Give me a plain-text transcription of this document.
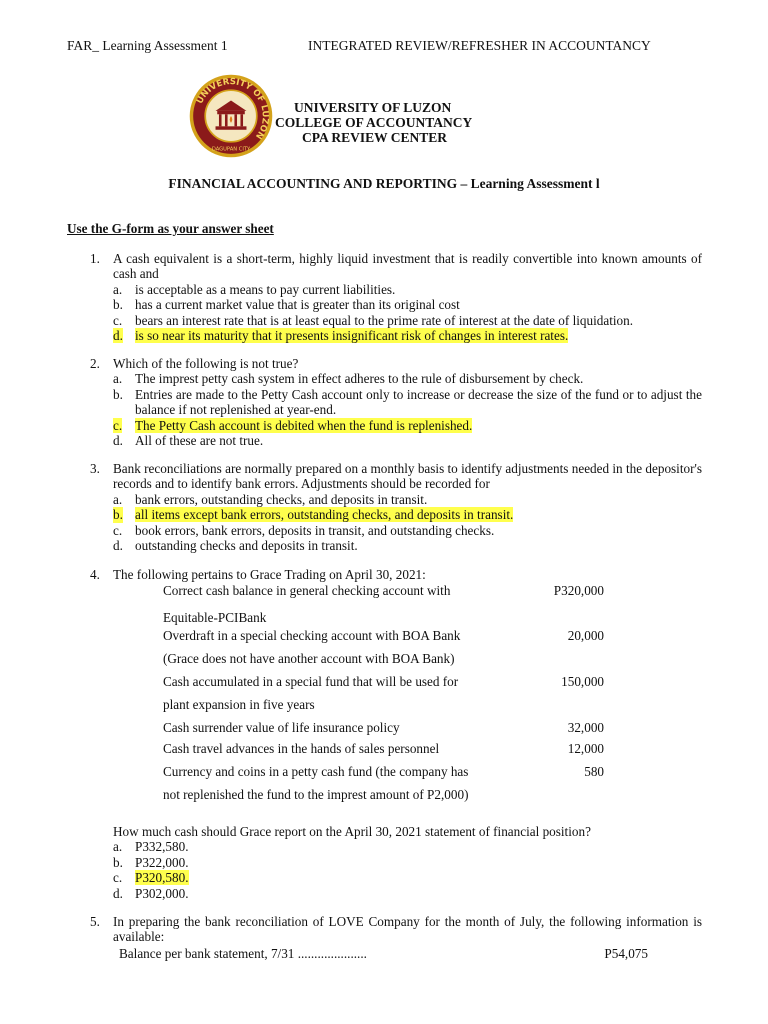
FAR_ Learning Assessment 1	INTEGRATED REVIEW/REFRESHER IN ACCOUNTANCY
UNIVERSITY OF LUZON
DAGUPAN CITY
UNIVERSITY OF LUZON
COLLEGE OF ACCOUNTANCY
CPA REVIEW CENTER
FINANCIAL ACCOUNTING AND REPORTING – Learning Assessment l
Use the G-form as your answer sheet
1. A cash equivalent is a short-term, highly liquid investment that is readily convertible into known amounts of cash and
a. is acceptable as a means to pay current liabilities.
b. has a current market value that is greater than its original cost
c. bears an interest rate that is at least equal to the prime rate of interest at the date of liquidation.
d. is so near its maturity that it presents insignificant risk of changes in interest rates.
2. Which of the following is not true?
a. The imprest petty cash system in effect adheres to the rule of disbursement by check.
b. Entries are made to the Petty Cash account only to increase or decrease the size of the fund or to adjust the balance if not replenished at year-end.
c. The Petty Cash account is debited when the fund is replenished.
d. All of these are not true.
3. Bank reconciliations are normally prepared on a monthly basis to identify adjustments needed in the depositor's records and to identify bank errors. Adjustments should be recorded for
a. bank errors, outstanding checks, and deposits in transit.
b. all items except bank errors, outstanding checks, and deposits in transit.
c. book errors, bank errors, deposits in transit, and outstanding checks.
d. outstanding checks and deposits in transit.
4. The following pertains to Grace Trading on April 30, 2021:
Correct cash balance in general checking account with	P320,000
Equitable-PCIBank
Overdraft in a special checking account with BOA Bank	20,000
(Grace does not have another account with BOA Bank)
Cash accumulated in a special fund that will be used for	150,000
plant expansion in five years
Cash surrender value of life insurance policy	32,000
Cash travel advances in the hands of sales personnel	12,000
Currency and coins in a petty cash fund (the company has	580
not replenished the fund to the imprest amount of P2,000)
How much cash should Grace report on the April 30, 2021 statement of financial position?
a. P332,580.
b. P322,000.
c. P320,580.
d. P302,000.
5. In preparing the bank reconciliation of LOVE Company for the month of July, the following information is available:
Balance per bank statement, 7/31 .....................	P54,075
